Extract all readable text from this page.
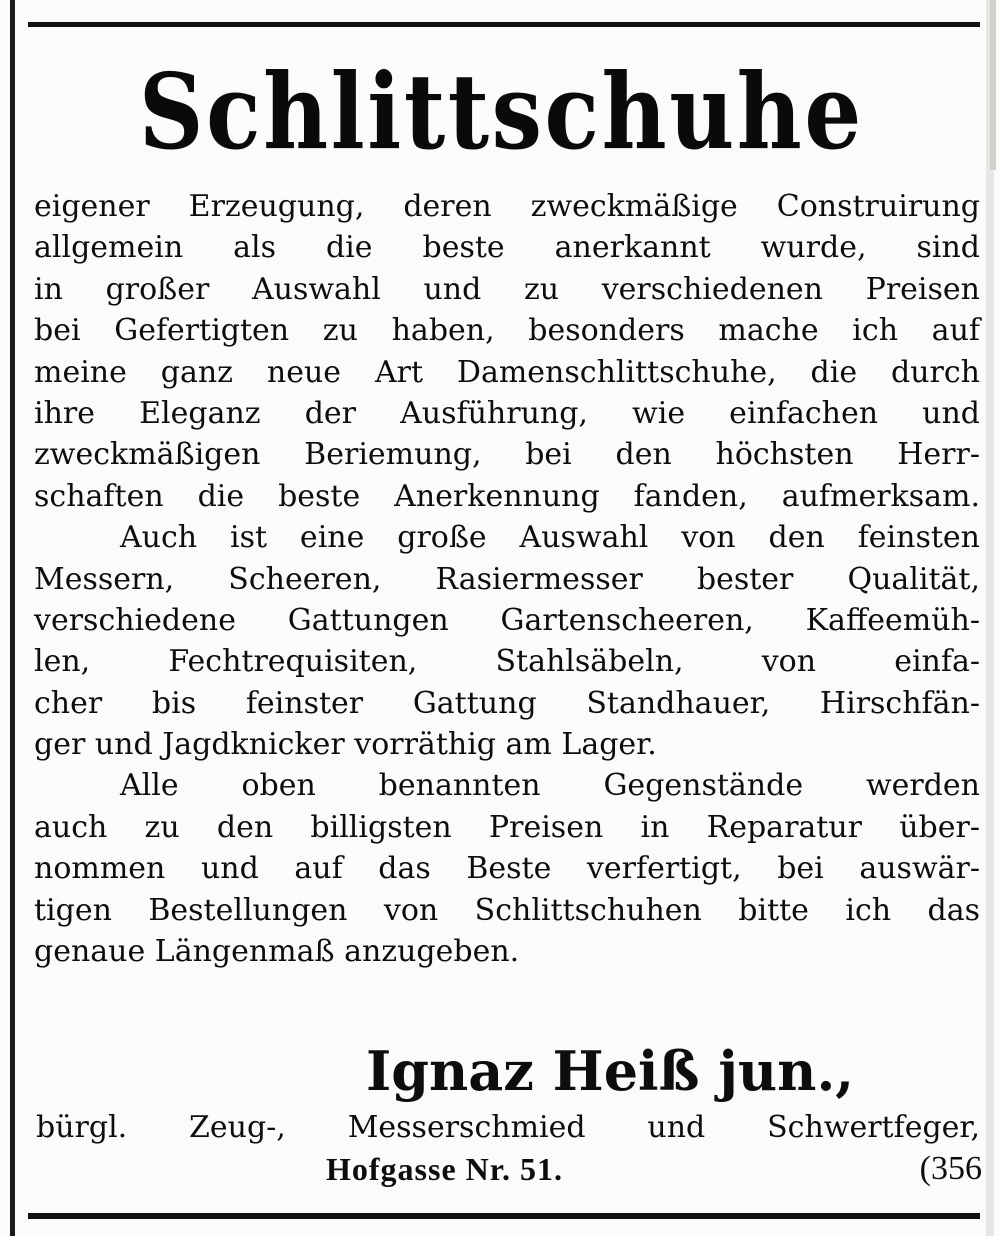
Schlittschuhe
eigener Erzeugung, deren zweckmäßige Construirung
allgemein als die beste anerkannt wurde, sind
in großer Auswahl und zu verschiedenen Preisen
bei Gefertigten zu haben, besonders mache ich auf
meine ganz neue Art Damenschlittschuhe, die durch
ihre Eleganz der Ausführung, wie einfachen und
zweckmäßigen Beriemung, bei den höchsten Herr-
schaften die beste Anerkennung fanden, aufmerksam.
Auch ist eine große Auswahl von den feinsten
Messern, Scheeren, Rasiermesser bester Qualität,
verschiedene Gattungen Gartenscheeren, Kaffeemüh-
len, Fechtrequisiten, Stahlsäbeln, von einfa-
cher bis feinster Gattung Standhauer, Hirschfän-
ger und Jagdknicker vorräthig am Lager.
Alle oben benannten Gegenstände werden
auch zu den billigsten Preisen in Reparatur über-
nommen und auf das Beste verfertigt, bei auswär-
tigen Bestellungen von Schlittschuhen bitte ich das
genaue Längenmaß anzugeben.
Ignaz Heiß jun.,
bürgl. Zeug-, Messerschmied und Schwertfeger,
Hofgasse Nr. 51.	(356
